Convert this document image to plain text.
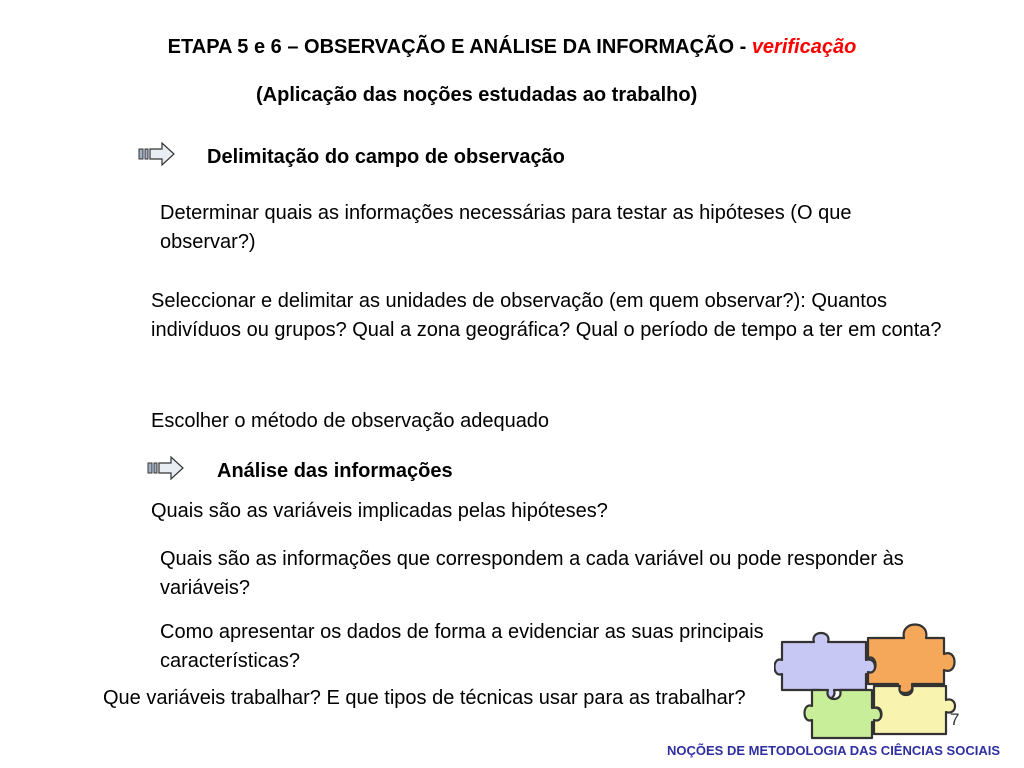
ETAPA 5 e 6 – OBSERVAÇÃO E ANÁLISE DA INFORMAÇÃO - verificação
(Aplicação das noções estudadas ao trabalho)
Delimitação do campo de observação
Determinar quais as informações necessárias para testar as hipóteses (O que observar?)
Seleccionar e delimitar as unidades de observação (em quem observar?): Quantos indivíduos ou grupos? Qual a zona geográfica? Qual o período de tempo a ter em conta?
Escolher o método de observação adequado
Análise das informações
Quais são as variáveis implicadas pelas hipóteses?
Quais são as informações que correspondem a cada variável ou pode responder às variáveis?
Como apresentar os dados de forma a evidenciar as suas principais características?
Que variáveis trabalhar? E que tipos de técnicas usar para as trabalhar?
7
NOÇÕES DE METODOLOGIA DAS CIÊNCIAS SOCIAIS
